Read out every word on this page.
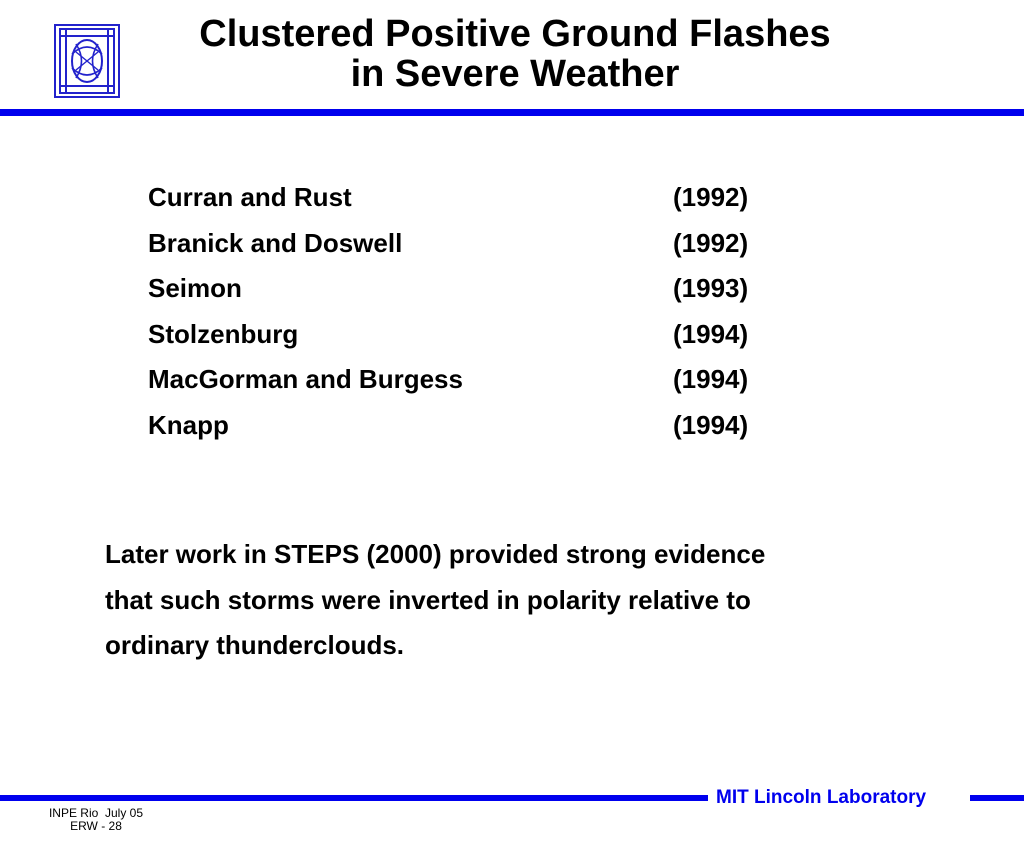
Clustered Positive Ground Flashes
in Severe Weather
Curran and Rust	(1992)
Branick and Doswell	(1992)
Seimon	(1993)
Stolzenburg	(1994)
MacGorman and Burgess	(1994)
Knapp	(1994)
Later work in STEPS (2000) provided strong evidence
that such storms were inverted in polarity relative to
ordinary thunderclouds.
MIT Lincoln Laboratory
INPE Rio  July 05
ERW - 28
